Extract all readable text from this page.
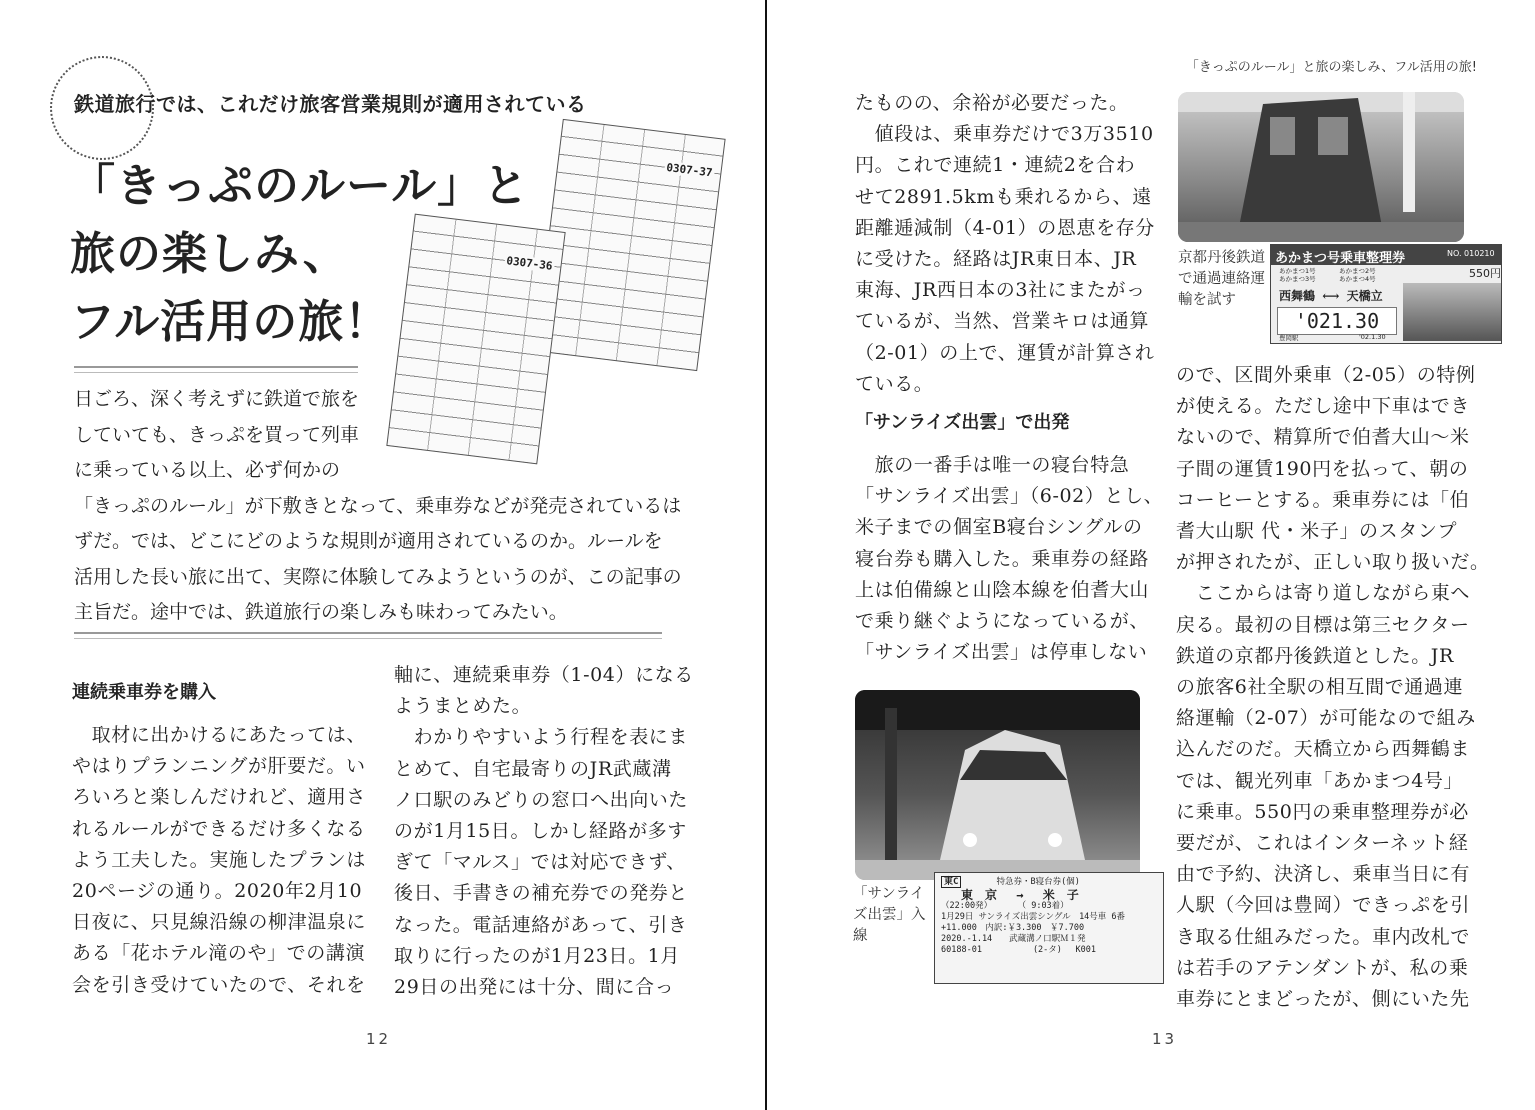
鉄道旅行では、これだけ旅客営業規則が適用されている
「きっぷのルール」と
旅の楽しみ、
フル活用の旅！
0307-37
0307-36
日ごろ、深く考えずに鉄道で旅を
していても、きっぷを買って列車
に乗っている以上、必ず何かの
「きっぷのルール」が下敷きとなって、乗車券などが発売されているは
ずだ。では、どこにどのような規則が適用されているのか。ルールを
活用した長い旅に出て、実際に体験してみようというのが、この記事の
主旨だ。途中では、鉄道旅行の楽しみも味わってみたい。
連続乗車券を購入
　取材に出かけるにあたっては、
やはりプランニングが肝要だ。い
ろいろと楽しんだけれど、適用さ
れるルールができるだけ多くなる
よう工夫した。実施したプランは
20ページの通り。2020年2月10
日夜に、只見線沿線の柳津温泉に
ある「花ホテル滝のや」での講演
会を引き受けていたので、それを
軸に、連続乗車券（1-04）になる
ようまとめた。
　わかりやすいよう行程を表にま
とめて、自宅最寄りのJR武蔵溝
ノ口駅のみどりの窓口へ出向いた
のが1月15日。しかし経路が多す
ぎて「マルス」では対応できず、
後日、手書きの補充券での発券と
なった。電話連絡があって、引き
取りに行ったのが1月23日。1月
29日の出発には十分、間に合っ
12
「きっぷのルール」と旅の楽しみ、フル活用の旅!
たものの、余裕が必要だった。
　値段は、乗車券だけで3万3510
円。これで連続1・連続2を合わ
せて2891.5kmも乗れるから、遠
距離逓減制（4-01）の恩恵を存分
に受けた。経路はJR東日本、JR
東海、JR西日本の3社にまたがっ
ているが、当然、営業キロは通算
（2-01）の上で、運賃が計算され
ている。
「サンライズ出雲」で出発
　旅の一番手は唯一の寝台特急
「サンライズ出雲」（6-02）とし、
米子までの個室B寝台シングルの
寝台券も購入した。乗車券の経路
上は伯備線と山陰本線を伯耆大山
で乗り継ぐようになっているが、
「サンライズ出雲」は停車しない
「サンライ
ズ出雲」入
線
東C	特急券・B寝台券(個)
東　京 → 米　子
（22:00発）　　　　（ 9:03着）
1月29日 サンライズ出雲シングル　14号車 6番
+11.000　内訳:￥3.300　￥7.700
2020.-1.14　　武蔵溝ノ口駅Ｍ１発
60188-01　　　　　　(2-タ)　 K001
京都丹後鉄道
で通過連絡運
輸を試す
あかまつ号乗車整理券	NO. 010210
550円
あかまつ1号	あかまつ2号
あかまつ3号	あかまつ4号
西舞鶴 ⟷ 天橋立
'021.30
豊岡駅	'02.1.30
ので、区間外乗車（2-05）の特例
が使える。ただし途中下車はでき
ないので、精算所で伯耆大山〜米
子間の運賃190円を払って、朝の
コーヒーとする。乗車券には「伯
耆大山駅 代・米子」のスタンプ
が押されたが、正しい取り扱いだ。
　ここからは寄り道しながら東へ
戻る。最初の目標は第三セクター
鉄道の京都丹後鉄道とした。JR
の旅客6社全駅の相互間で通過連
絡運輸（2-07）が可能なので組み
込んだのだ。天橋立から西舞鶴ま
では、観光列車「あかまつ4号」
に乗車。550円の乗車整理券が必
要だが、これはインターネット経
由で予約、決済し、乗車当日に有
人駅（今回は豊岡）できっぷを引
き取る仕組みだった。車内改札で
は若手のアテンダントが、私の乗
車券にとまどったが、側にいた先
13
